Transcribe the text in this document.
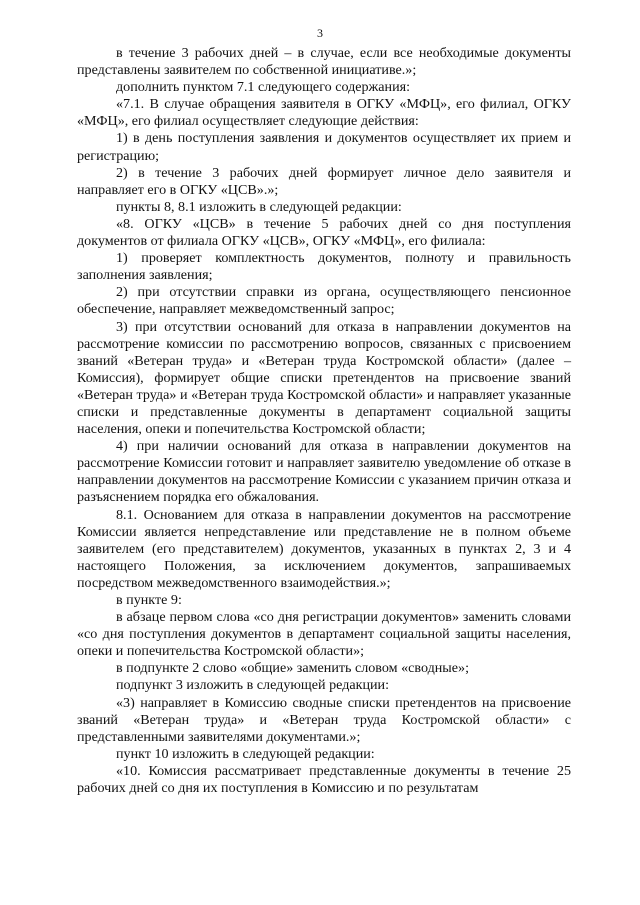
3

в течение 3 рабочих дней – в случае, если все необходимые документы представлены заявителем по собственной инициативе.»;

дополнить пунктом 7.1 следующего содержания:

«7.1. В случае обращения заявителя в ОГКУ «МФЦ», его филиал, ОГКУ «МФЦ», его филиал осуществляет следующие действия:

1) в день поступления заявления и документов осуществляет их прием и регистрацию;

2) в течение 3 рабочих дней формирует личное дело заявителя и направляет его в ОГКУ «ЦСВ».»;

пункты 8, 8.1 изложить в следующей редакции:

«8. ОГКУ «ЦСВ» в течение 5 рабочих дней со дня поступления документов от филиала ОГКУ «ЦСВ», ОГКУ «МФЦ», его филиала:

1) проверяет комплектность документов, полноту и правильность заполнения заявления;

2) при отсутствии справки из органа, осуществляющего пенсионное обеспечение, направляет межведомственный запрос;

3) при отсутствии оснований для отказа в направлении документов на рассмотрение комиссии по рассмотрению вопросов, связанных с присвоением званий «Ветеран труда» и «Ветеран труда Костромской области» (далее – Комиссия), формирует общие списки претендентов на присвоение званий «Ветеран труда» и «Ветеран труда Костромской области» и направляет указанные списки и представленные документы в департамент социальной защиты населения, опеки и попечительства Костромской области;

4) при наличии оснований для отказа в направлении документов на рассмотрение Комиссии готовит и направляет заявителю уведомление об отказе в направлении документов на рассмотрение Комиссии с указанием причин отказа и разъяснением порядка его обжалования.

8.1. Основанием для отказа в направлении документов на рассмотрение Комиссии является непредставление или представление не в полном объеме заявителем (его представителем) документов, указанных в пунктах 2, 3 и 4 настоящего Положения, за исключением документов, запрашиваемых посредством межведомственного взаимодействия.»;

в пункте 9:

в абзаце первом слова «со дня регистрации документов» заменить словами «со дня поступления документов в департамент социальной защиты населения, опеки и попечительства Костромской области»;

в подпункте 2 слово «общие» заменить словом «сводные»;

подпункт 3 изложить в следующей редакции:

«3) направляет в Комиссию сводные списки претендентов на присвоение званий «Ветеран труда» и «Ветеран труда Костромской области» с представленными заявителями документами.»;

пункт 10 изложить в следующей редакции:

«10. Комиссия рассматривает представленные документы в течение 25 рабочих дней со дня их поступления в Комиссию и по результатам
